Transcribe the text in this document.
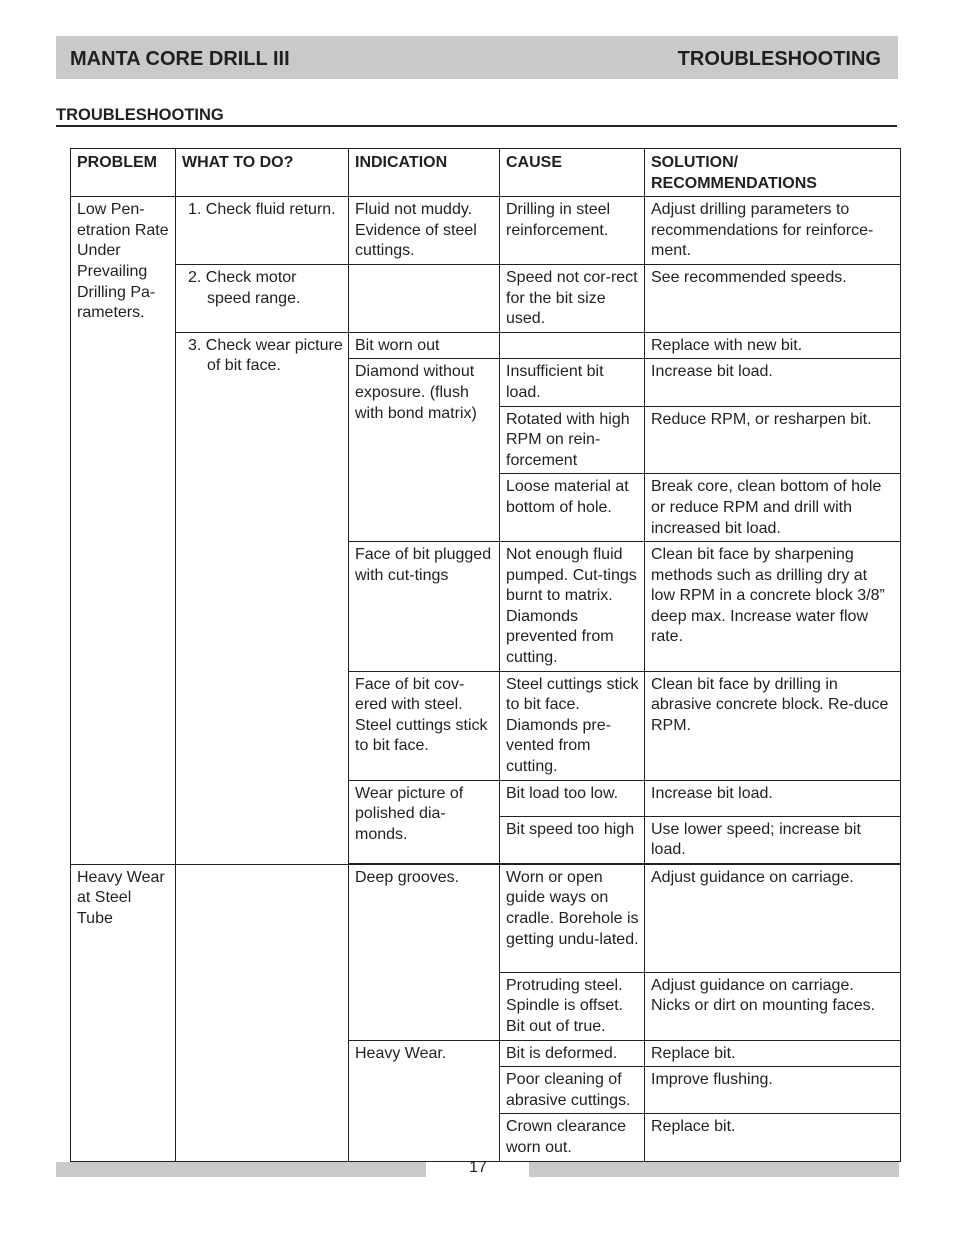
MANTA CORE DRILL III	TROUBLESHOOTING
TROUBLESHOOTING
PROBLEM	WHAT TO DO?	INDICATION	CAUSE	SOLUTION/ RECOMMENDATIONS
Low Pen-etration Rate Under Prevailing Drilling Pa-rameters.	1. Check fluid return.	Fluid not muddy. Evidence of steel cuttings.	Drilling in steel reinforcement.	Adjust drilling parameters to recommendations for reinforce-ment.

	2. Check motor speed range.		Speed not cor-rect for the bit size used.	See recommended speeds.

	3. Check wear picture of bit face.	Bit worn out		Replace with new bit.
		Diamond without exposure. (flush with bond matrix)	Insufficient bit load.	Increase bit load.
			Rotated with high RPM on rein-forcement	Reduce RPM, or resharpen bit.
			Loose material at bottom of hole.	Break core, clean bottom of hole or reduce RPM and drill with increased bit load.
		Face of bit plugged with cut-tings	Not enough fluid pumped. Cut-tings burnt to matrix. Diamonds prevented from cutting.	Clean bit face by sharpening methods such as drilling dry at low RPM in a concrete block 3/8” deep max. Increase water flow rate.
		Face of bit cov-ered with steel. Steel cuttings stick to bit face.	Steel cuttings stick to bit face. Diamonds pre-vented from cutting.	Clean bit face by drilling in abrasive concrete block. Re-duce RPM.
		Wear picture of polished dia-monds.	Bit load too low.	Increase bit load.
			Bit speed too high	Use lower speed; increase bit load.

Heavy Wear at Steel Tube		Deep grooves.	Worn or open guide ways on cradle. Borehole is getting undu-lated.	Adjust guidance on carriage.
			Protruding steel. Spindle is offset. Bit out of true.	Adjust guidance on carriage. Nicks or dirt on mounting faces.
		Heavy Wear.	Bit is deformed.	Replace bit.
			Poor cleaning of abrasive cuttings.	Improve flushing.
			Crown clearance worn out.	Replace bit.
17
